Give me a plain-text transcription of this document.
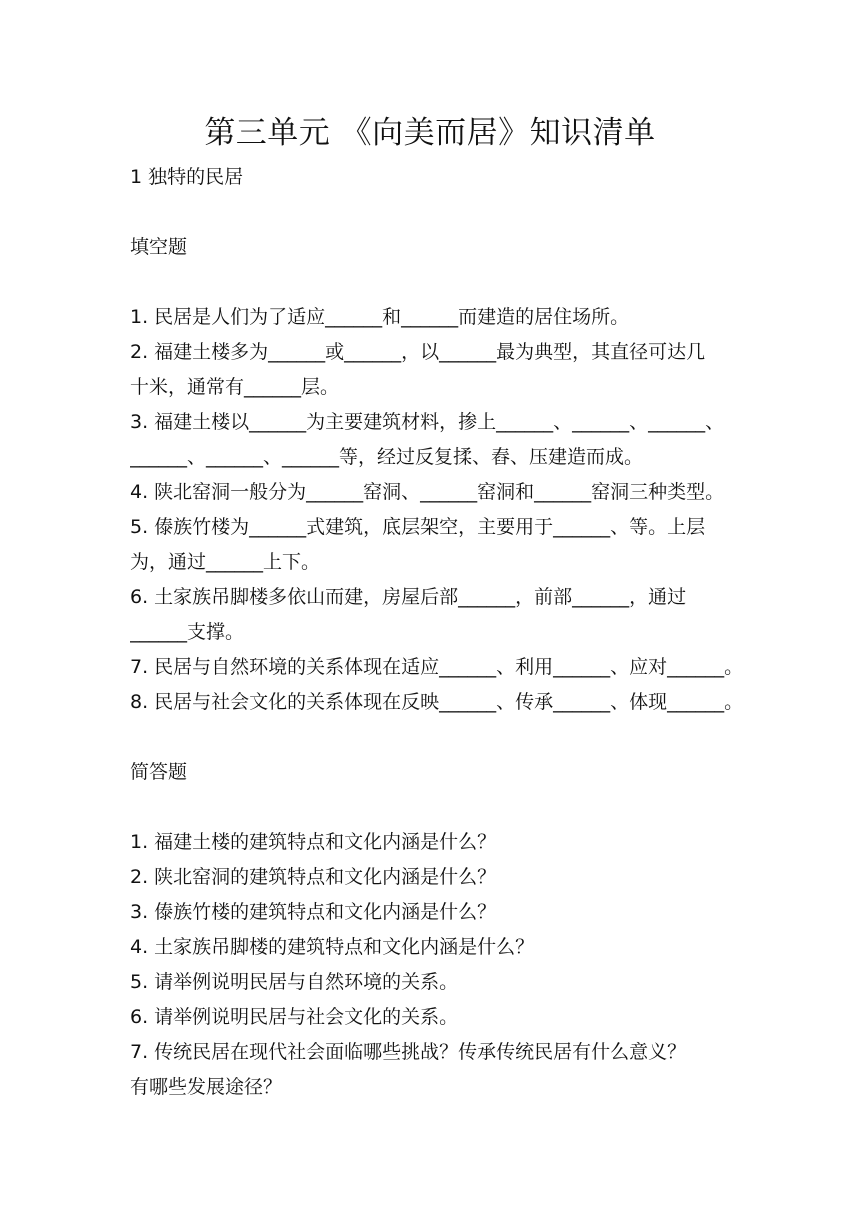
第三单元 《向美而居》知识清单

1 独特的民居

填空题

1. 民居是人们为了适应______和______而建造的居住场所。

2. 福建土楼多为______或______，以______最为典型，其直径可达几

十米，通常有______层。

3. 福建土楼以______为主要建筑材料，掺上______、______、______、

______、______、______等，经过反复揉、舂、压建造而成。

4. 陕北窑洞一般分为______窑洞、______窑洞和______窑洞三种类型。

5. 傣族竹楼为______式建筑，底层架空，主要用于______、等。上层

为，通过______上下。

6. 土家族吊脚楼多依山而建，房屋后部______，前部______，通过

______支撑。

7. 民居与自然环境的关系体现在适应______、利用______、应对______。

8. 民居与社会文化的关系体现在反映______、传承______、体现______。

简答题

1. 福建土楼的建筑特点和文化内涵是什么？

2. 陕北窑洞的建筑特点和文化内涵是什么？

3. 傣族竹楼的建筑特点和文化内涵是什么？

4. 土家族吊脚楼的建筑特点和文化内涵是什么？

5. 请举例说明民居与自然环境的关系。

6. 请举例说明民居与社会文化的关系。

7. 传统民居在现代社会面临哪些挑战？传承传统民居有什么意义？

有哪些发展途径？
